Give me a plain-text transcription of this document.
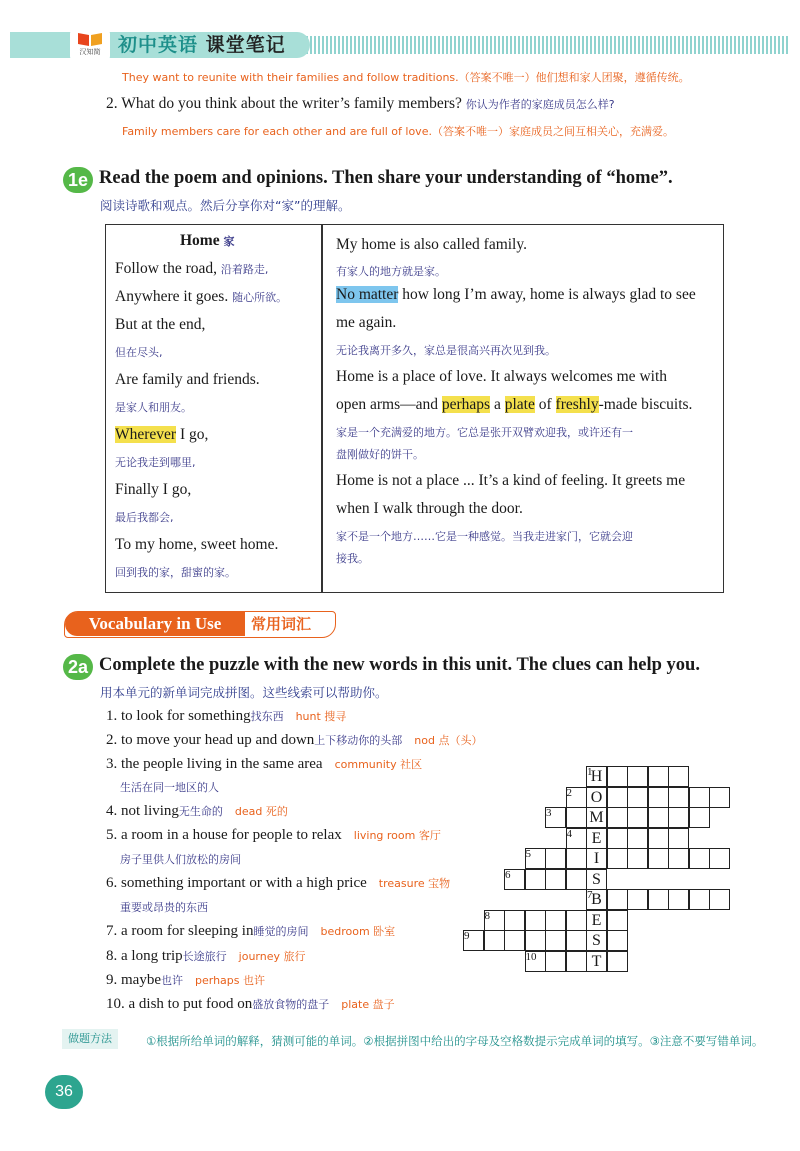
汉知简 初中英语 课堂笔记
They want to reunite with their families and follow traditions.（答案不唯一）他们想和家人团聚，遵循传统。
2. What do you think about the writer’s family members? 你认为作者的家庭成员怎么样?
Family members care for each other and are full of love.（答案不唯一）家庭成员之间互相关心，充满爱。
1e Read the poem and opinions. Then share your understanding of “home”.
阅读诗歌和观点。然后分享你对“家”的理解。
Home 家
Follow the road, 沿着路走,
Anywhere it goes. 随心所欲。
But at the end,
但在尽头,
Are family and friends.
是家人和朋友。
Wherever I go,
无论我走到哪里,
Finally I go,
最后我都会,
To my home, sweet home.
回到我的家，甜蜜的家。
My home is also called family.
有家人的地方就是家。
No matter how long I’m away, home is always glad to see
me again.
无论我离开多久，家总是很高兴再次见到我。
Home is a place of love. It always welcomes me with
open arms—and perhaps a plate of freshly-made biscuits.
家是一个充满爱的地方。它总是张开双臂欢迎我，或许还有一
盘刚做好的饼干。
Home is not a place ... It’s a kind of feeling. It greets me
when I walk through the door.
家不是一个地方……它是一种感觉。当我走进家门，它就会迎
接我。
Vocabulary in Use	常用词汇
2a Complete the puzzle with the new words in this unit. The clues can help you.
用本单元的新单词完成拼图。这些线索可以帮助你。
1. to look for something找东西 hunt 搜寻
2. to move your head up and down上下移动你的头部 nod 点（头）
3. the people living in the same area community 社区
生活在同一地区的人
4. not living无生命的 dead 死的
5. a room in a house for people to relax living room 客厅
房子里供人们放松的房间
6. something important or with a high price treasure 宝物
重要或昂贵的东西
7. a room for sleeping in睡觉的房间 bedroom 卧室
8. a long trip长途旅行 journey 旅行
9. maybe也许 perhaps 也许
10. a dish to put food on盛放食物的盘子 plate 盘子
H
1
O
2
M
3
E
4
I
5
S
6
B
7
E
8
S
9
T
10
做题方法	①根据所给单词的解释，猜测可能的单词。②根据拼图中给出的字母及空格数提示完成单词的填写。③注意不要写错单词。
36
